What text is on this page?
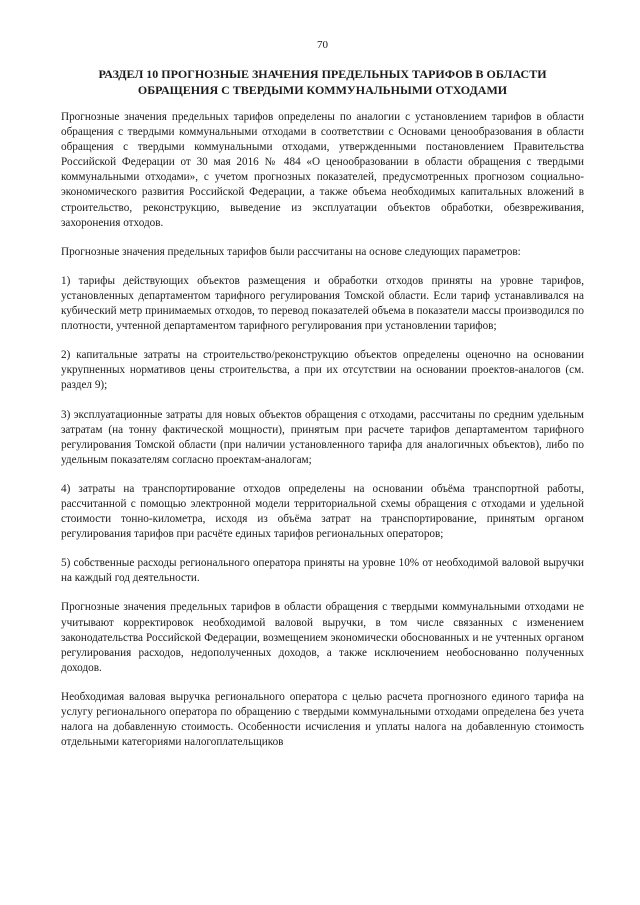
70
РАЗДЕЛ 10 ПРОГНОЗНЫЕ ЗНАЧЕНИЯ ПРЕДЕЛЬНЫХ ТАРИФОВ В ОБЛАСТИ
ОБРАЩЕНИЯ С ТВЕРДЫМИ КОММУНАЛЬНЫМИ ОТХОДАМИ

Прогнозные значения предельных тарифов определены по аналогии с установлением тарифов в области обращения с твердыми коммунальными отходами в соответствии с Основами ценообразования в области обращения с твердыми коммунальными отходами, утвержденными постановлением Правительства Российской Федерации от 30 мая 2016 № 484 «О ценообразовании в области обращения с твердыми коммунальными отходами», с учетом прогнозных показателей, предусмотренных прогнозом социально-экономического развития Российской Федерации, а также объема необходимых капитальных вложений в строительство, реконструкцию, выведение из эксплуатации объектов обработки, обезвреживания, захоронения отходов.

Прогнозные значения предельных тарифов были рассчитаны на основе следующих параметров:

1) тарифы действующих объектов размещения и обработки отходов приняты на уровне тарифов, установленных департаментом тарифного регулирования Томской области. Если тариф устанавливался на кубический метр принимаемых отходов, то перевод показателей объема в показатели массы производился по плотности, учтенной департаментом тарифного регулирования при установлении тарифов;

2) капитальные затраты на строительство/реконструкцию объектов определены оценочно на основании укрупненных нормативов цены строительства, а при их отсутствии на основании проектов-аналогов (см. раздел 9);

3) эксплуатационные затраты для новых объектов обращения с отходами, рассчитаны по средним удельным затратам (на тонну фактической мощности), принятым при расчете тарифов департаментом тарифного регулирования Томской области (при наличии установленного тарифа для аналогичных объектов), либо по удельным показателям согласно проектам-аналогам;

4) затраты на транспортирование отходов определены на основании объёма транспортной работы, рассчитанной с помощью электронной модели территориальной схемы обращения с отходами и удельной стоимости тонно-километра, исходя из объёма затрат на транспортирование, принятым органом регулирования тарифов при расчёте единых тарифов региональных операторов;

5) собственные расходы регионального оператора приняты на уровне 10% от необходимой валовой выручки на каждый год деятельности.

Прогнозные значения предельных тарифов в области обращения с твердыми коммунальными отходами не учитывают корректировок необходимой валовой выручки, в том числе связанных с изменением законодательства Российской Федерации, возмещением экономически обоснованных и не учтенных органом регулирования расходов, недополученных доходов, а также исключением необоснованно полученных доходов.

Необходимая валовая выручка регионального оператора с целью расчета прогнозного единого тарифа на услугу регионального оператора по обращению с твердыми коммунальными отходами определена без учета налога на добавленную стоимость. Особенности исчисления и уплаты налога на добавленную стоимость отдельными категориями налогоплательщиков
